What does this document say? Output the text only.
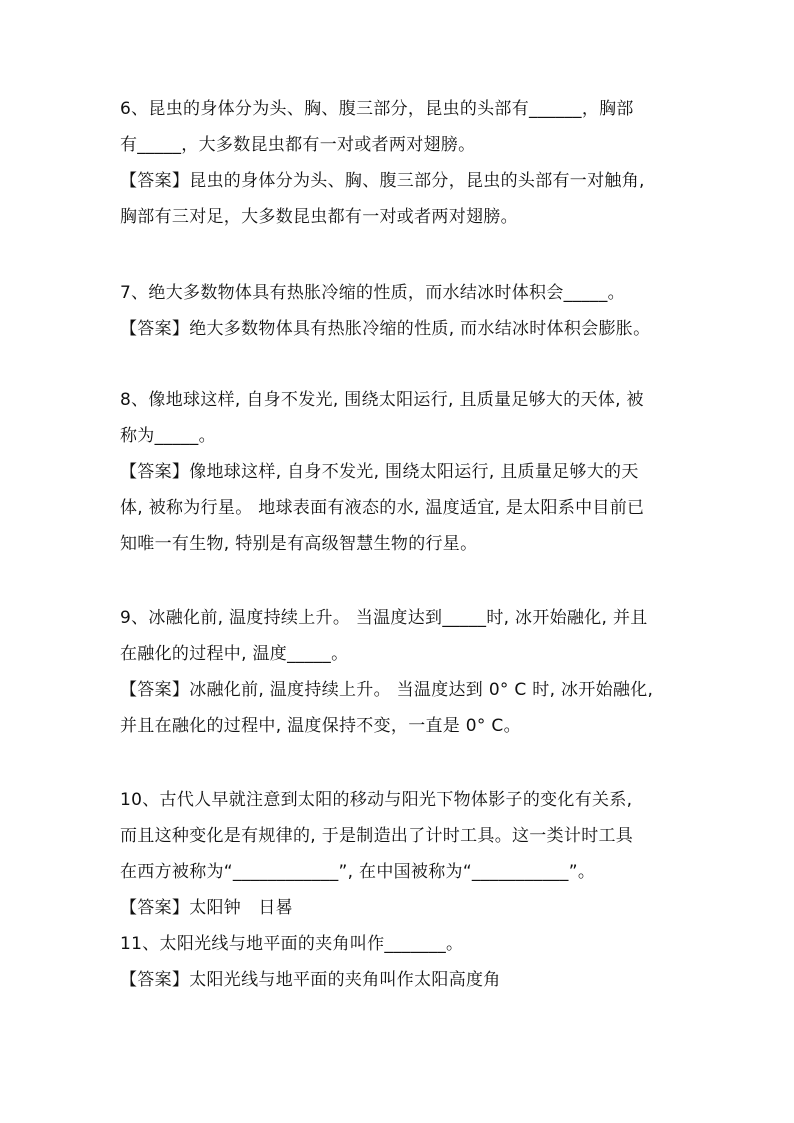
6、昆虫的身体分为头、胸、腹三部分，昆虫的头部有______，胸部
有_____，大多数昆虫都有一对或者两对翅膀。
【答案】昆虫的身体分为头、胸、腹三部分，昆虫的头部有一对触角,
胸部有三对足，大多数昆虫都有一对或者两对翅膀。
7、绝大多数物体具有热胀冷缩的性质，而水结冰时体积会_____。
【答案】绝大多数物体具有热胀冷缩的性质, 而水结冰时体积会膨胀。
8、像地球这样, 自身不发光, 围绕太阳运行, 且质量足够大的天体, 被
称为_____。
【答案】像地球这样, 自身不发光, 围绕太阳运行, 且质量足够大的天
体, 被称为行星。 地球表面有液态的水, 温度适宜, 是太阳系中目前已
知唯一有生物, 特别是有高级智慧生物的行星。
9、冰融化前, 温度持续上升。 当温度达到_____时, 冰开始融化, 并且
在融化的过程中, 温度_____。
【答案】冰融化前, 温度持续上升。 当温度达到 0° C 时, 冰开始融化,
并且在融化的过程中, 温度保持不变，一直是 0° C。
10、古代人早就注意到太阳的移动与阳光下物体影子的变化有关系,
而且这种变化是有规律的, 于是制造出了计时工具。这一类计时工具
在西方被称为“____________”, 在中国被称为“___________”。
【答案】太阳钟　日晷
11、太阳光线与地平面的夹角叫作_______。
【答案】太阳光线与地平面的夹角叫作太阳高度角
